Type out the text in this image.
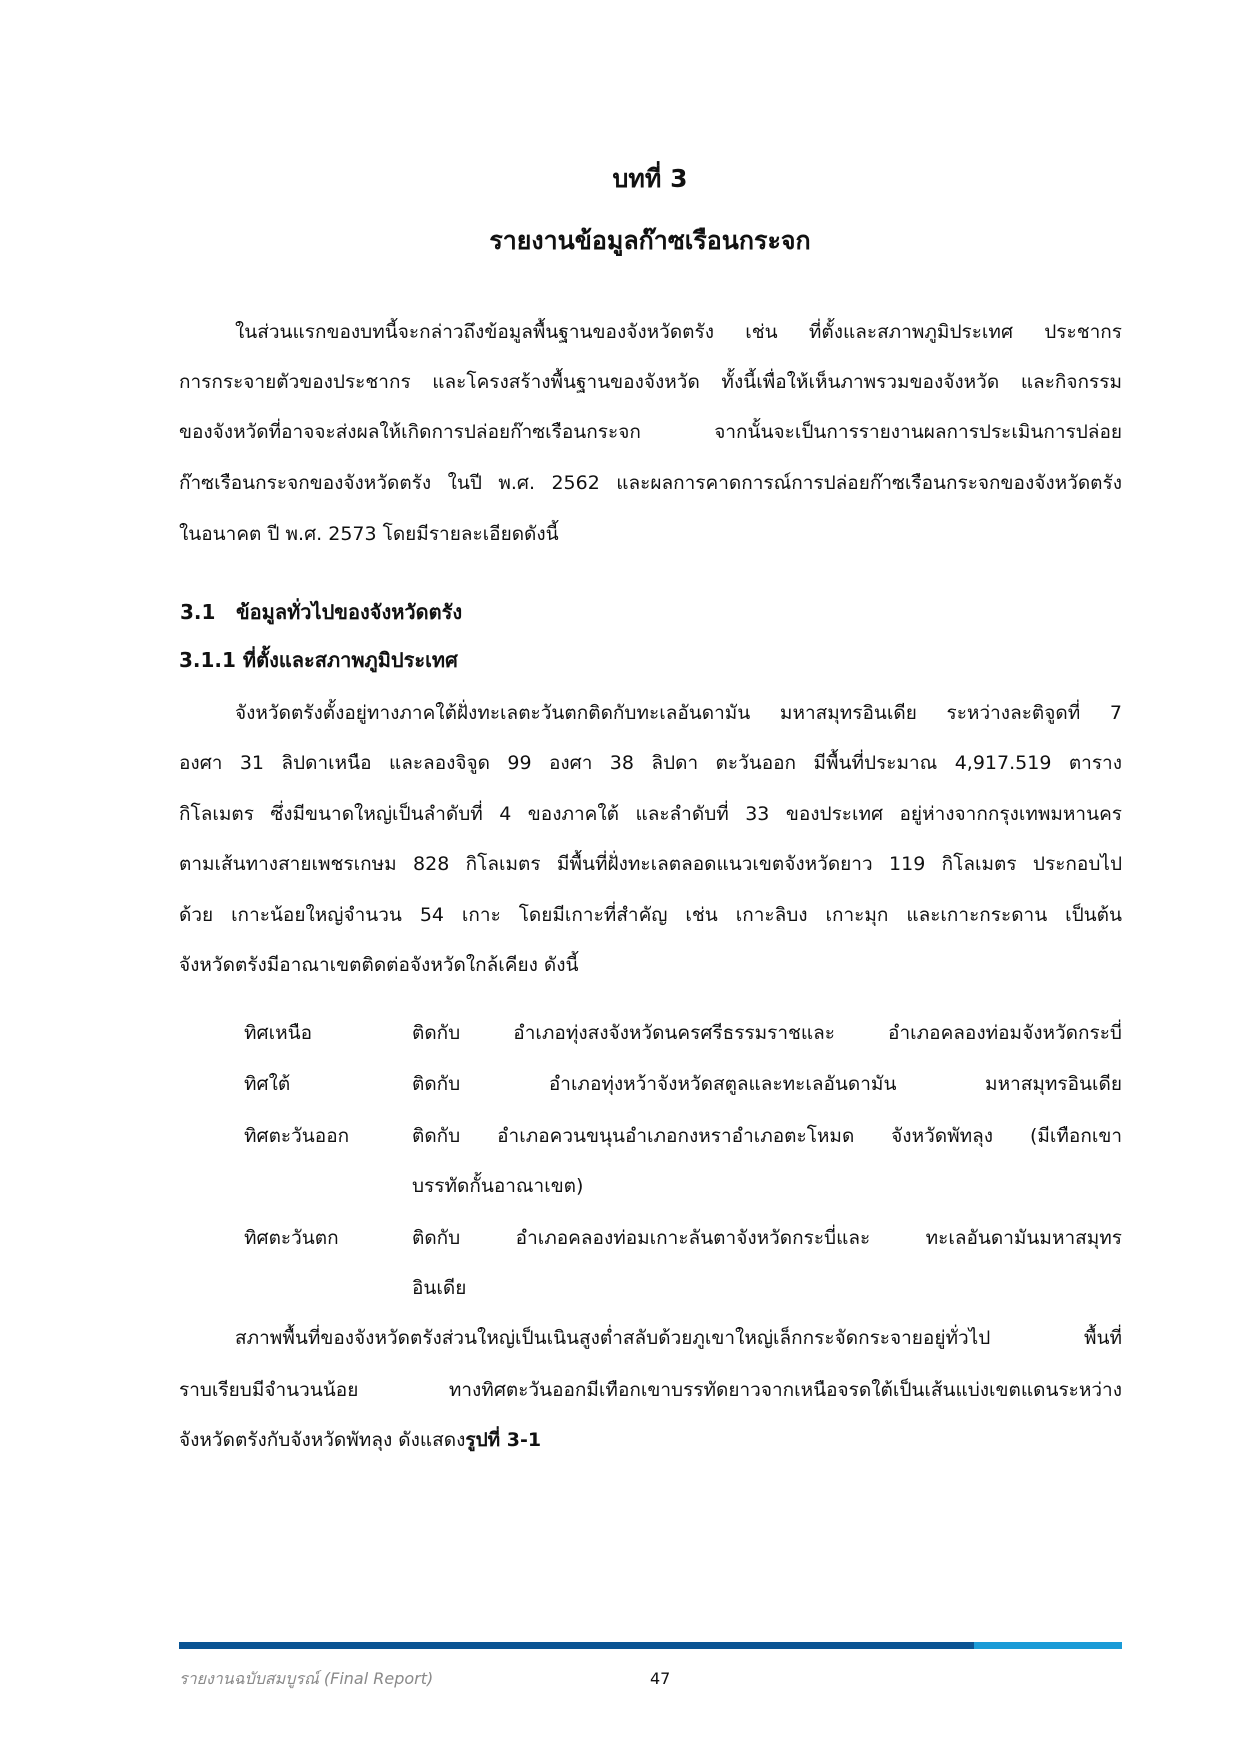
บทที่ 3
รายงานข้อมูลก๊าซเรือนกระจก
ในส่วนแรกของบทนี้จะกล่าวถึงข้อมูลพื้นฐานของจังหวัดตรัง เช่น ที่ตั้งและสภาพภูมิประเทศ ประชากร
การกระจายตัวของประชากร และโครงสร้างพื้นฐานของจังหวัด ทั้งนี้เพื่อให้เห็นภาพรวมของจังหวัด และกิจกรรม
ของจังหวัดที่อาจจะส่งผลให้เกิดการปล่อยก๊าซเรือนกระจก จากนั้นจะเป็นการรายงานผลการประเมินการปล่อย
ก๊าซเรือนกระจกของจังหวัดตรัง ในปี พ.ศ. 2562 และผลการคาดการณ์การปล่อยก๊าซเรือนกระจกของจังหวัดตรัง
ในอนาคต ปี พ.ศ. 2573 โดยมีรายละเอียดดังนี้
3.1 ข้อมูลทั่วไปของจังหวัดตรัง
3.1.1 ที่ตั้งและสภาพภูมิประเทศ
จังหวัดตรังตั้งอยู่ทางภาคใต้ฝั่งทะเลตะวันตกติดกับทะเลอันดามัน มหาสมุทรอินเดีย ระหว่างละติจูดที่ 7
องศา 31 ลิปดาเหนือ และลองจิจูด 99 องศา 38 ลิปดา ตะวันออก มีพื้นที่ประมาณ 4,917.519 ตาราง
กิโลเมตร ซึ่งมีขนาดใหญ่เป็นลำดับที่ 4 ของภาคใต้ และลำดับที่ 33 ของประเทศ อยู่ห่างจากกรุงเทพมหานคร
ตามเส้นทางสายเพชรเกษม 828 กิโลเมตร มีพื้นที่ฝั่งทะเลตลอดแนวเขตจังหวัดยาว 119 กิโลเมตร ประกอบไป
ด้วย เกาะน้อยใหญ่จำนวน 54 เกาะ โดยมีเกาะที่สำคัญ เช่น เกาะลิบง เกาะมุก และเกาะกระดาน เป็นต้น
จังหวัดตรังมีอาณาเขตติดต่อจังหวัดใกล้เคียง ดังนี้
ทิศเหนือ	ติดกับ อำเภอทุ่งสงจังหวัดนครศรีธรรมราชและ อำเภอคลองท่อมจังหวัดกระบี่
ทิศใต้	ติดกับ อำเภอทุ่งหว้าจังหวัดสตูลและทะเลอันดามัน มหาสมุทรอินเดีย
ทิศตะวันออก	ติดกับ อำเภอควนขนุนอำเภอกงหราอำเภอตะโหมด จังหวัดพัทลุง (มีเทือกเขา
บรรทัดกั้นอาณาเขต)
ทิศตะวันตก	ติดกับ อำเภอคลองท่อมเกาะลันตาจังหวัดกระบี่และ ทะเลอันดามันมหาสมุทร
อินเดีย
สภาพพื้นที่ของจังหวัดตรังส่วนใหญ่เป็นเนินสูงต่ำสลับด้วยภูเขาใหญ่เล็กกระจัดกระจายอยู่ทั่วไป พื้นที่
ราบเรียบมีจำนวนน้อย ทางทิศตะวันออกมีเทือกเขาบรรทัดยาวจากเหนือจรดใต้เป็นเส้นแบ่งเขตแดนระหว่าง
จังหวัดตรังกับจังหวัดพัทลุง ดังแสดงรูปที่ 3-1
รายงานฉบับสมบูรณ์ (Final Report)	47
